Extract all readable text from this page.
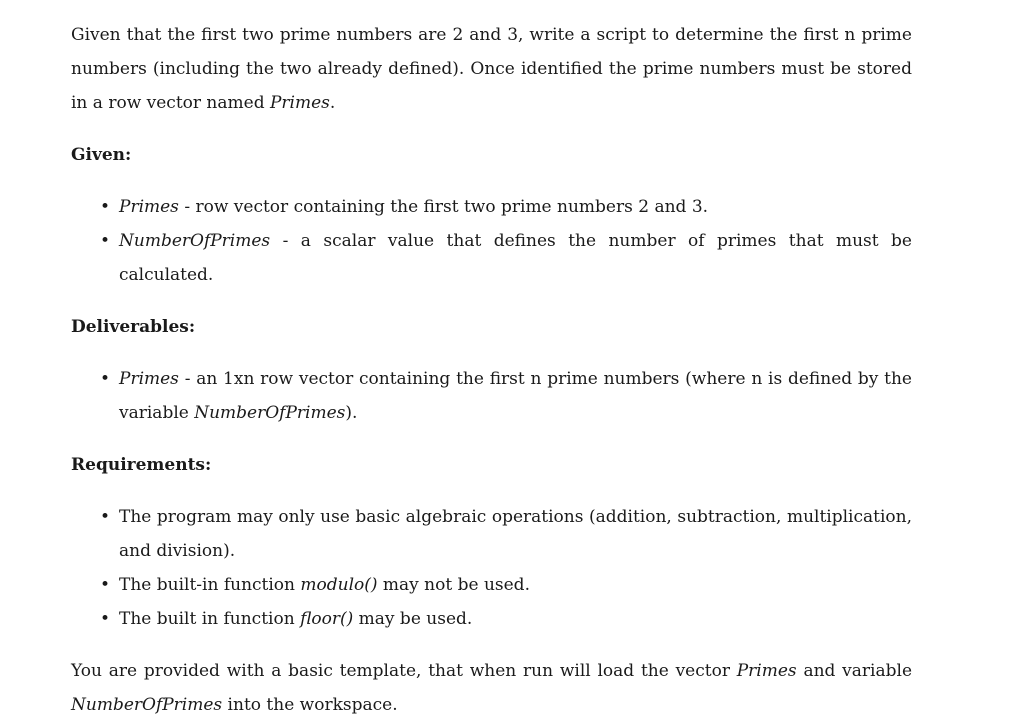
Given that the first two prime numbers are 2 and 3, write a script to determine the first n prime numbers (including the two already defined). Once identified the prime numbers must be stored in a row vector named Primes.

Given:
• Primes - row vector containing the first two prime numbers 2 and 3.
• NumberOfPrimes - a scalar value that defines the number of primes that must be calculated.
Deliverables:
• Primes - an 1xn row vector containing the first n prime numbers (where n is defined by the variable NumberOfPrimes).
Requirements:
• The program may only use basic algebraic operations (addition, subtraction, multiplication, and division).
• The built-in function modulo() may not be used.
• The built in function floor() may be used.

You are provided with a basic template, that when run will load the vector Primes and variable NumberOfPrimes into the workspace.
